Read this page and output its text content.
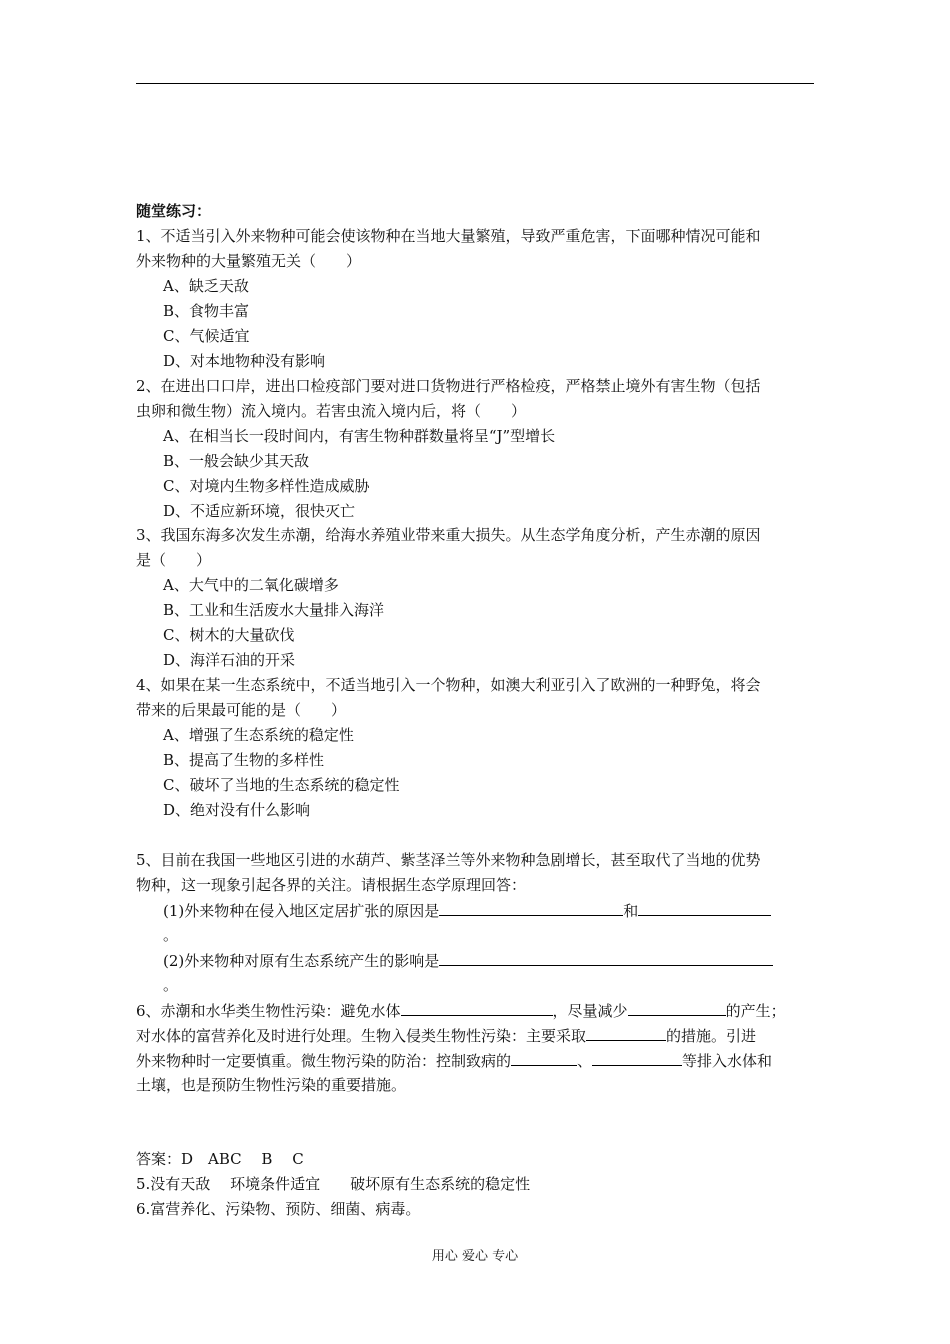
随堂练习：
1、不适当引入外来物种可能会使该物种在当地大量繁殖，导致严重危害，下面哪种情况可能和
外来物种的大量繁殖无关（　　）
A、缺乏天敌
B、食物丰富
C、气候适宜
D、对本地物种没有影响
2、在进出口口岸，进出口检疫部门要对进口货物进行严格检疫，严格禁止境外有害生物（包括
虫卵和微生物）流入境内。若害虫流入境内后，将（　　）
A、在相当长一段时间内，有害生物种群数量将呈“J”型增长
B、一般会缺少其天敌
C、对境内生物多样性造成威胁
D、不适应新环境，很快灭亡
3、我国东海多次发生赤潮，给海水养殖业带来重大损失。从生态学角度分析，产生赤潮的原因
是（　　）
A、大气中的二氧化碳增多
B、工业和生活废水大量排入海洋
C、树木的大量砍伐
D、海洋石油的开采
4、如果在某一生态系统中，不适当地引入一个物种，如澳大利亚引入了欧洲的一种野兔，将会
带来的后果最可能的是（　　）
A、增强了生态系统的稳定性
B、提高了生物的多样性
C、破坏了当地的生态系统的稳定性
D、绝对没有什么影响
5、目前在我国一些地区引进的水葫芦、紫茎泽兰等外来物种急剧增长，甚至取代了当地的优势
物种，这一现象引起各界的关注。请根据生态学原理回答：
(1)外来物种在侵入地区定居扩张的原因是	和
。
(2)外来物种对原有生态系统产生的影响是
。
6、赤潮和水华类生物性污染：避免水体	，尽量减少	的产生；
对水体的富营养化及时进行处理。生物入侵类生物性污染：主要采取	的措施。引进
外来物种时一定要慎重。微生物污染的防治：控制致病的	、	等排入水体和
土壤，也是预防生物性污染的重要措施。
答案：D　ABC　 B　 C
5.没有天敌　 环境条件适宜　　破坏原有生态系统的稳定性
6.富营养化、污染物、预防、细菌、病毒。
用心 爱心 专心
